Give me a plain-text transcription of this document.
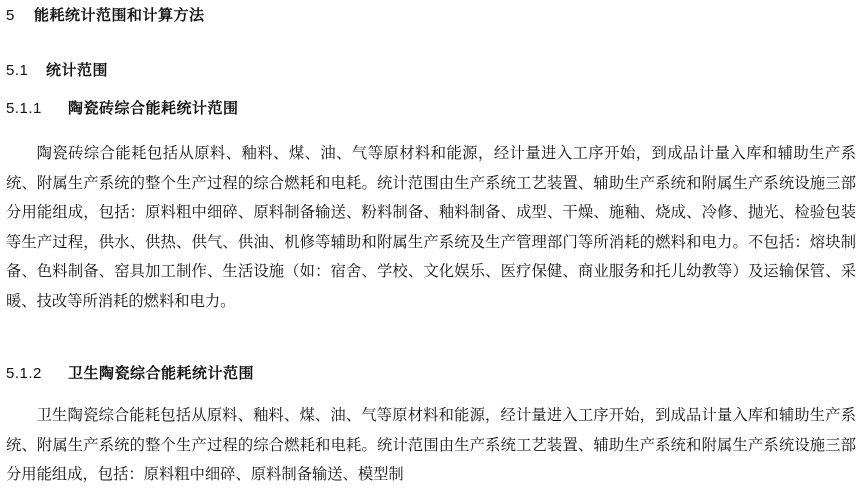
5 能耗统计范围和计算方法
5.1 统计范围
5.1.1 陶瓷砖综合能耗统计范围

陶瓷砖综合能耗包括从原料、釉料、煤、油、气等原材料和能源，经计量进入工序开始，到成品计量入库和辅助生产系统、附属生产系统的整个生产过程的综合燃耗和电耗。统计范围由生产系统工艺装置、辅助生产系统和附属生产系统设施三部分用能组成，包括：原料粗中细碎、原料制备输送、粉料制备、釉料制备、成型、干燥、施釉、烧成、冷修、抛光、检验包装等生产过程，供水、供热、供气、供油、机修等辅助和附属生产系统及生产管理部门等所消耗的燃料和电力。不包括：熔块制备、色料制备、窑具加工制作、生活设施（如：宿舍、学校、文化娱乐、医疗保健、商业服务和托儿幼教等）及运输保管、采暖、技改等所消耗的燃料和电力。

5.1.2 卫生陶瓷综合能耗统计范围

卫生陶瓷综合能耗包括从原料、釉料、煤、油、气等原材料和能源，经计量进入工序开始，到成品计量入库和辅助生产系统、附属生产系统的整个生产过程的综合燃耗和电耗。统计范围由生产系统工艺装置、辅助生产系统和附属生产系统设施三部分用能组成，包括：原料粗中细碎、原料制备输送、模型制
